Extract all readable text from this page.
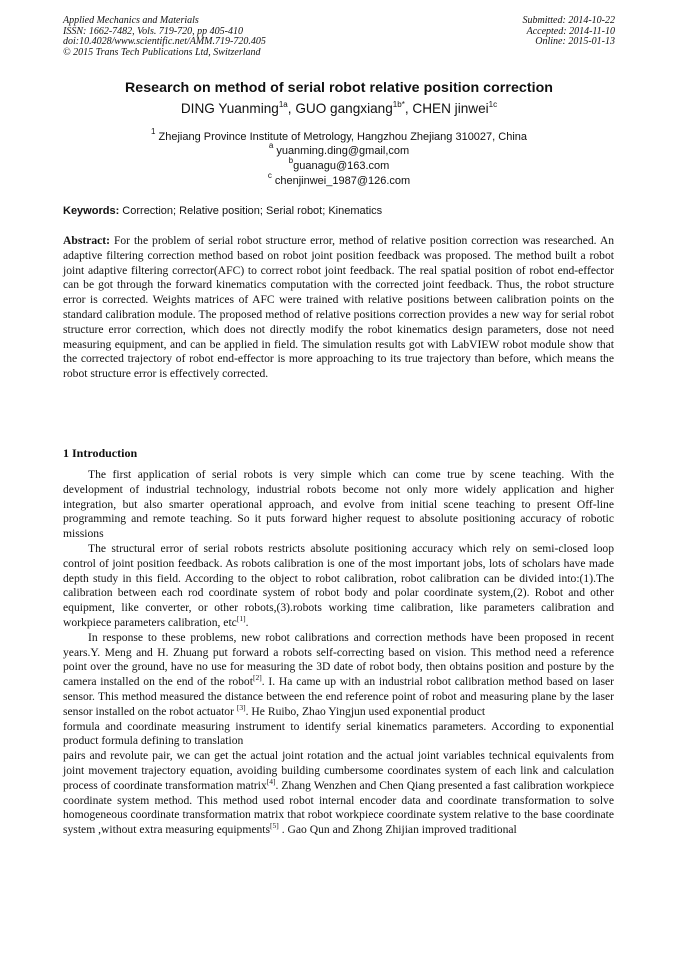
Applied Mechanics and Materials
ISSN: 1662-7482, Vols. 719-720, pp 405-410
doi:10.4028/www.scientific.net/AMM.719-720.405
© 2015 Trans Tech Publications Ltd, Switzerland
Submitted: 2014-10-22
Accepted: 2014-11-10
Online: 2015-01-13
Research on method of serial robot relative position correction
DING Yuanming$^{1a}$, GUO gangxiang$^{1b*}$, CHEN jinwei$^{1c}$
$^1$ Zhejiang Province Institute of Metrology, Hangzhou Zhejiang 310027, China
$^a$ yuanming.ding@gmail,com
$^b$guanagu@163.com
$^c$ chenjinwei_1987@126.com
Keywords: Correction; Relative position; Serial robot; Kinematics
Abstract: For the problem of serial robot structure error, method of relative position correction was researched. An adaptive filtering correction method based on robot joint position feedback was proposed. The method built a robot joint adaptive filtering corrector(AFC) to correct robot joint feedback. The real spatial position of robot end-effector can be got through the forward kinematics computation with the corrected joint feedback. Thus, the robot structure error is corrected. Weights matrices of AFC were trained with relative positions between calibration points on the standard calibration module. The proposed method of relative positions correction provides a new way for serial robot structure error correction, which does not directly modify the robot kinematics design parameters, dose not need measuring equipment, and can be applied in field. The simulation results got with LabVIEW robot module show that the corrected trajectory of robot end-effector is more approaching to its true trajectory than before, which means the robot structure error is effectively corrected.
1 Introduction

The first application of serial robots is very simple which can come true by scene teaching. With the development of industrial technology, industrial robots become not only more widely application and higher integration, but also smarter operational approach, and evolve from initial scene teaching to present Off-line programming and remote teaching. So it puts forward higher request to absolute positioning accuracy of robotic missions

The structural error of serial robots restricts absolute positioning accuracy which rely on semi-closed loop control of joint position feedback. As robots calibration is one of the most important jobs, lots of scholars have made depth study in this field. According to the object to robot calibration, robot calibration can be divided into:(1).The calibration between each rod coordinate system of robot body and polar coordinate system,(2). Robot and other equipment, like converter, or other robots,(3).robots working time calibration, like parameters calibration and workpiece parameters calibration, etc[1].

In response to these problems, new robot calibrations and correction methods have been proposed in recent years.Y. Meng and H. Zhuang put forward a robots self-correcting based on vision. This method need a reference point over the ground, have no use for measuring the 3D date of robot body, then obtains position and posture by the camera installed on the end of the robot[2]. I. Ha came up with an industrial robot calibration method based on laser sensor. This method measured the distance between the end reference point of robot and measuring plane by the laser sensor installed on the robot actuator [3]. He Ruibo, Zhao Yingjun used exponential product

formula and coordinate measuring instrument to identify serial kinematics parameters. According to exponential product formula defining to translation

pairs and revolute pair, we can get the actual joint rotation and the actual joint variables technical equivalents from joint movement trajectory equation, avoiding building cumbersome coordinates system of each link and calculation process of coordinate transformation matrix[4]. Zhang Wenzhen and Chen Qiang presented a fast calibration workpiece coordinate system method. This method used robot internal encoder data and coordinate transformation to solve homogeneous coordinate transformation matrix that robot workpiece coordinate system relative to the base coordinate system ,without extra measuring equipments[5] . Gao Qun and Zhong Zhijian improved traditional
